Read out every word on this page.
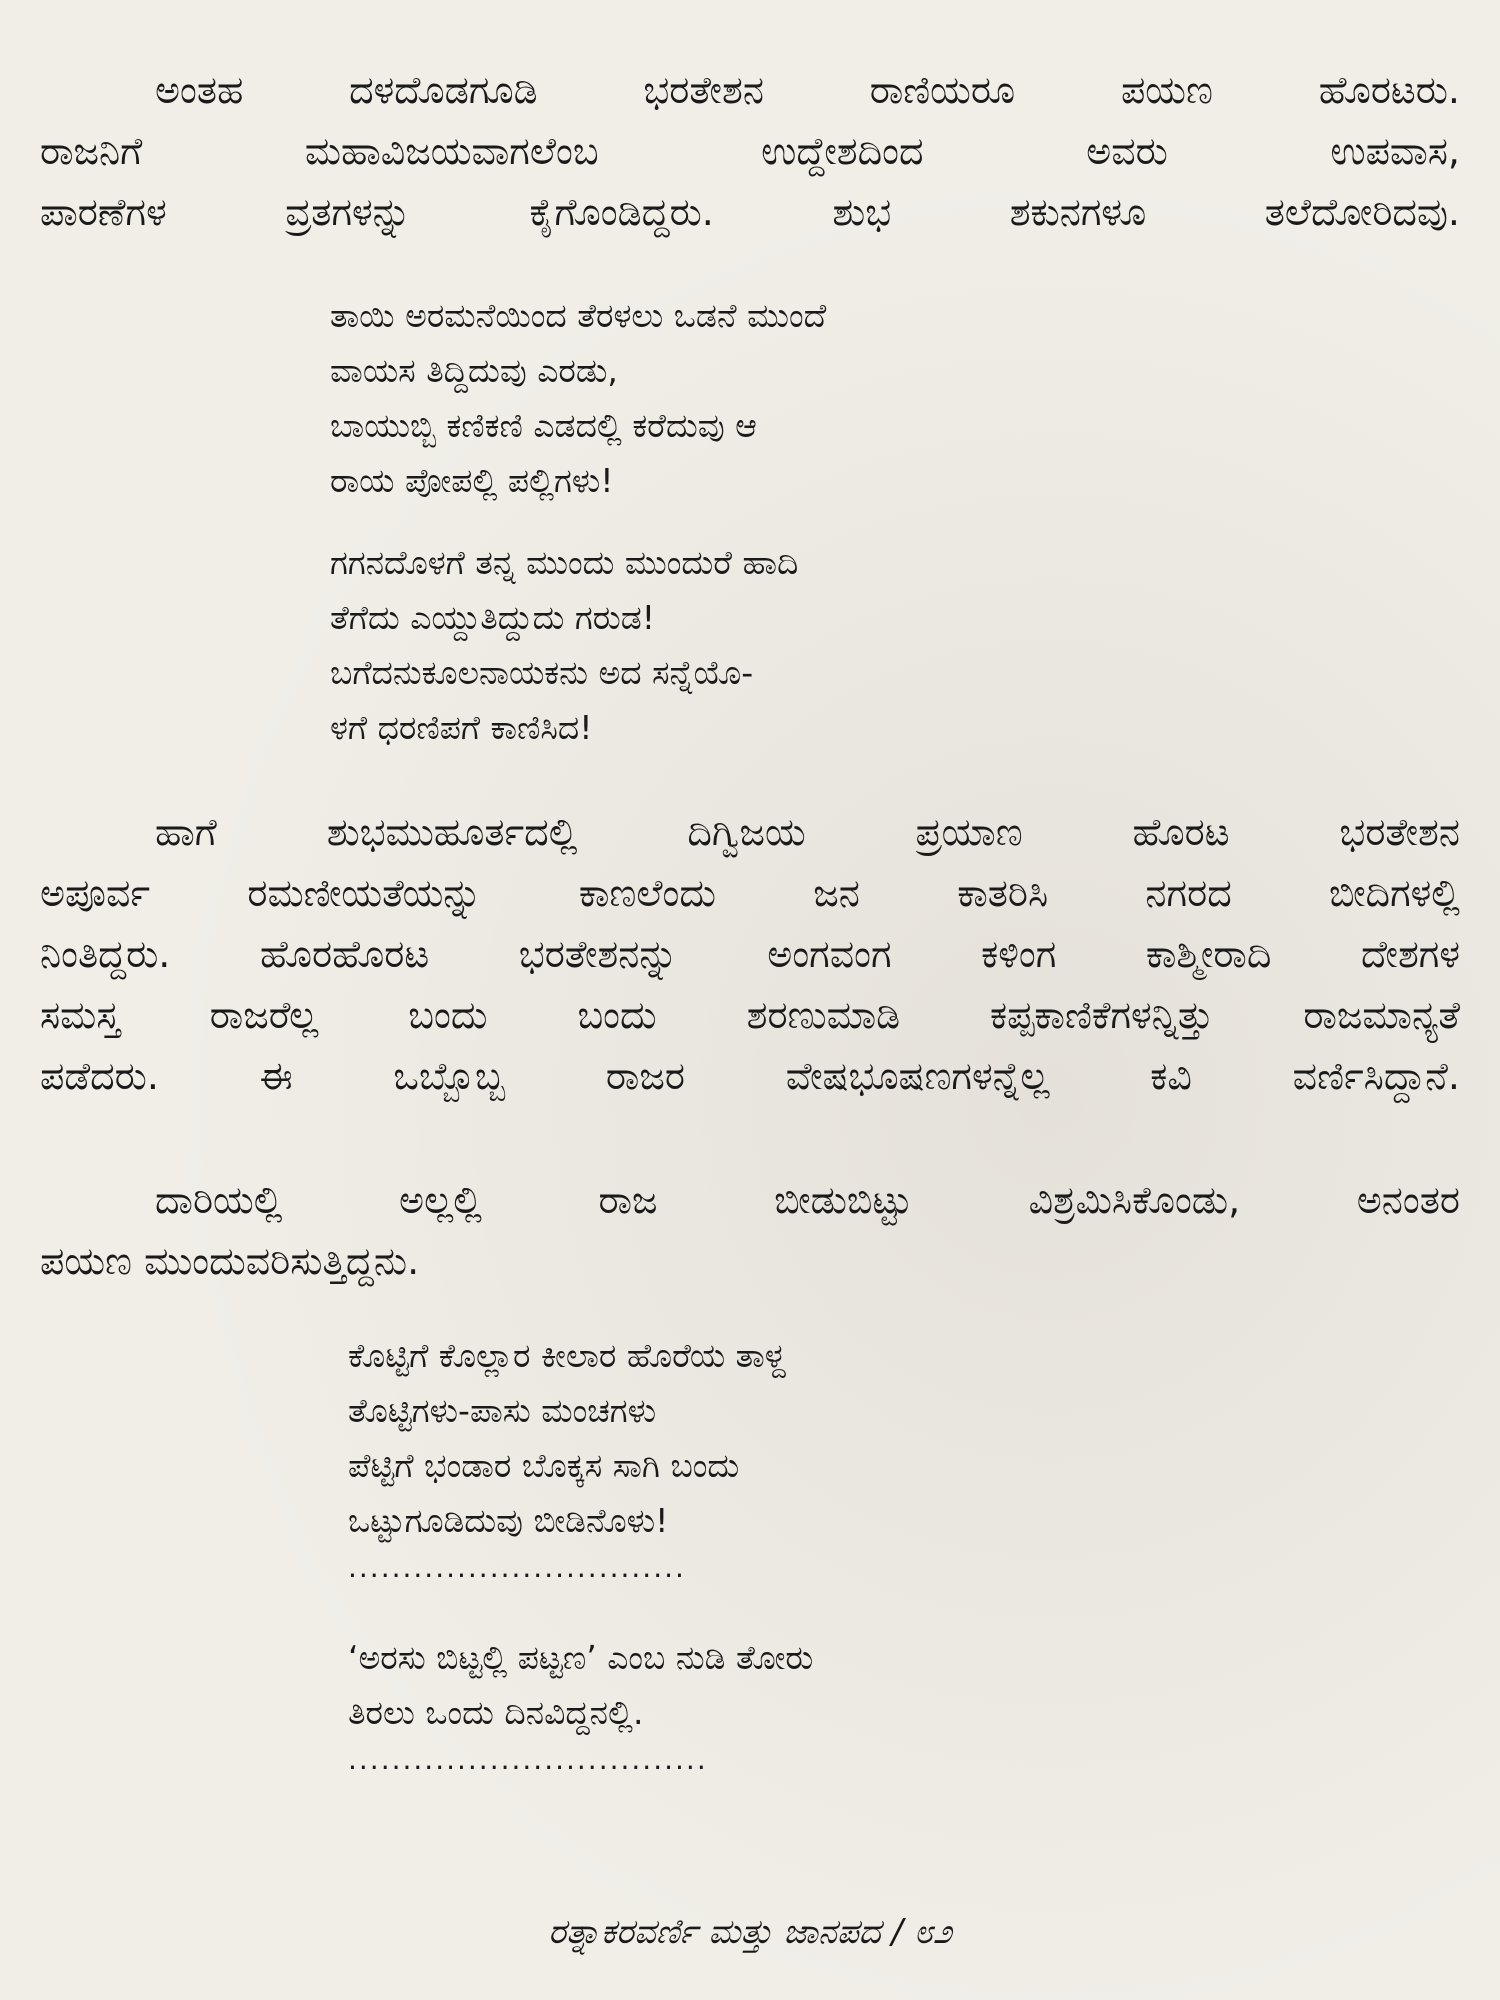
ಅಂತಹ ದಳದೊಡಗೂಡಿ ಭರತೇಶನ ರಾಣಿಯರೂ ಪಯಣ ಹೊರಟರು.
ರಾಜನಿಗೆ ಮಹಾವಿಜಯವಾಗಲೆಂಬ ಉದ್ದೇಶದಿಂದ ಅವರು ಉಪವಾಸ,
ಪಾರಣೆಗಳ ವ್ರತಗಳನ್ನು ಕೈಗೊಂಡಿದ್ದರು. ಶುಭ ಶಕುನಗಳೂ ತಲೆದೋರಿದವು.
ತಾಯಿ ಅರಮನೆಯಿಂದ ತೆರಳಲು ಒಡನೆ ಮುಂದೆ
ವಾಯಸ ತಿದ್ದಿದುವು ಎರಡು,
ಬಾಯುಬ್ಬಿ ಕಣಿಕಣಿ ಎಡದಲ್ಲಿ ಕರೆದುವು ಆ
ರಾಯ ಪೋಪಲ್ಲಿ ಪಲ್ಲಿಗಳು!
ಗಗನದೊಳಗೆ ತನ್ನ ಮುಂದು ಮುಂದುರೆ ಹಾದಿ
ತೆಗೆದು ಎಯ್ದುತಿದ್ದುದು ಗರುಡ!
ಬಗೆದನುಕೂಲನಾಯಕನು ಅದ ಸನ್ನೆಯೊ-
ಳಗೆ ಧರಣಿಪಗೆ ಕಾಣಿಸಿದ!
ಹಾಗೆ ಶುಭಮುಹೂರ್ತದಲ್ಲಿ ದಿಗ್ವಿಜಯ ಪ್ರಯಾಣ ಹೊರಟ ಭರತೇಶನ
ಅಪೂರ್ವ ರಮಣೀಯತೆಯನ್ನು ಕಾಣಲೆಂದು ಜನ ಕಾತರಿಸಿ ನಗರದ ಬೀದಿಗಳಲ್ಲಿ
ನಿಂತಿದ್ದರು. ಹೊರಹೊರಟ ಭರತೇಶನನ್ನು ಅಂಗವಂಗ ಕಳಿಂಗ ಕಾಶ್ಮೀರಾದಿ ದೇಶಗಳ
ಸಮಸ್ತ ರಾಜರೆಲ್ಲ ಬಂದು ಬಂದು ಶರಣುಮಾಡಿ ಕಪ್ಪಕಾಣಿಕೆಗಳನ್ನಿತ್ತು ರಾಜಮಾನ್ಯತೆ
ಪಡೆದರು. ಈ ಒಬ್ಬೊಬ್ಬ ರಾಜರ ವೇಷಭೂಷಣಗಳನ್ನೆಲ್ಲ ಕವಿ ವರ್ಣಿಸಿದ್ದಾನೆ.
ದಾರಿಯಲ್ಲಿ ಅಲ್ಲಲ್ಲಿ ರಾಜ ಬೀಡುಬಿಟ್ಟು ವಿಶ್ರಮಿಸಿಕೊಂಡು, ಅನಂತರ
ಪಯಣ ಮುಂದುವರಿಸುತ್ತಿದ್ದನು.
ಕೊಟ್ಟಿಗೆ ಕೊಲ್ಲಾರ ಕೀಲಾರ ಹೊರೆಯ ತಾಳ್ದ
ತೊಟ್ಟಿಗಳು-ಪಾಸು ಮಂಚಗಳು
ಪೆಟ್ಟಿಗೆ ಭಂಡಾರ ಬೊಕ್ಕಸ ಸಾಗಿ ಬಂದು
ಒಟ್ಟುಗೂಡಿದುವು ಬೀಡಿನೊಳು!
...............................
‘ಅರಸು ಬಿಟ್ಟಲ್ಲಿ ಪಟ್ಟಣ’ ಎಂಬ ನುಡಿ ತೋರು
ತಿರಲು ಒಂದು ದಿನವಿದ್ದನಲ್ಲಿ.
.................................
ರತ್ನಾಕರವರ್ಣಿ ಮತ್ತು ಜಾನಪದ / ೮೨
